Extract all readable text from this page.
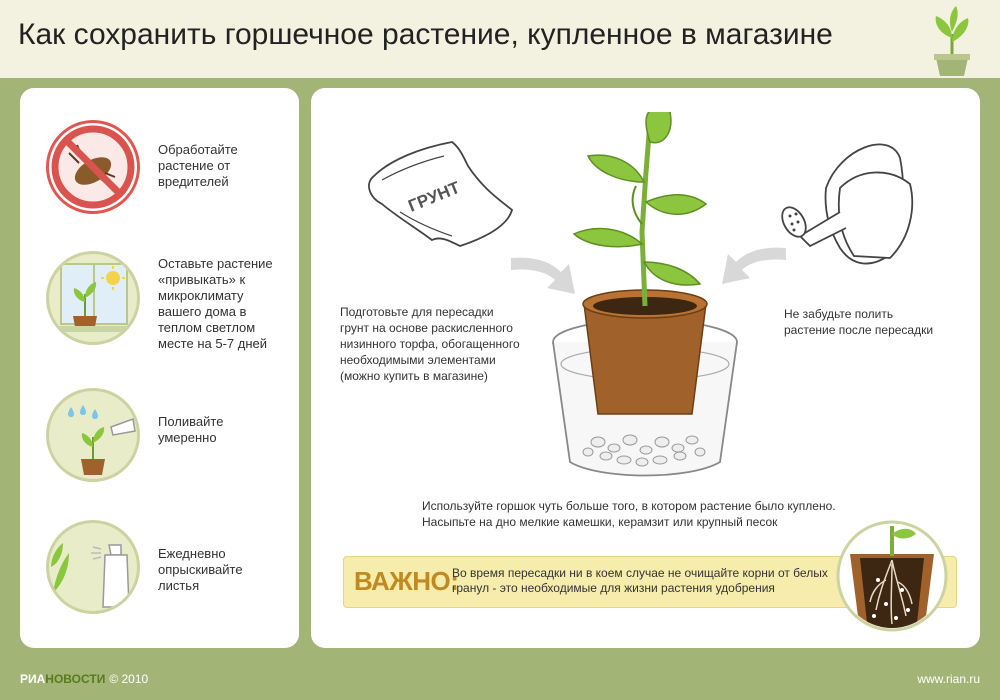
Как сохранить горшечное растение, купленное в магазине
Обработайте
растение от
вредителей
Оставьте растение
«привыкать» к
микроклимату
вашего дома в
теплом светлом
месте на 5-7 дней
Поливайте
умеренно
Ежедневно
опрыскивайте
листья
ГРУНТ
Подготовьте для пересадки
грунт на основе раскисленного
низинного торфа, обогащенного
необходимыми элементами
(можно купить в магазине)
Не забудьте полить
растение после пересадки
Используйте горшок чуть больше того, в котором растение было куплено.
Насыпьте на дно мелкие камешки, керамзит или крупный песок
ВАЖНО:
Во время пересадки ни в коем случае не очищайте корни от белых гранул - это необходимые для жизни растения удобрения
РИАНОВОСТИ © 2010	www.rian.ru
